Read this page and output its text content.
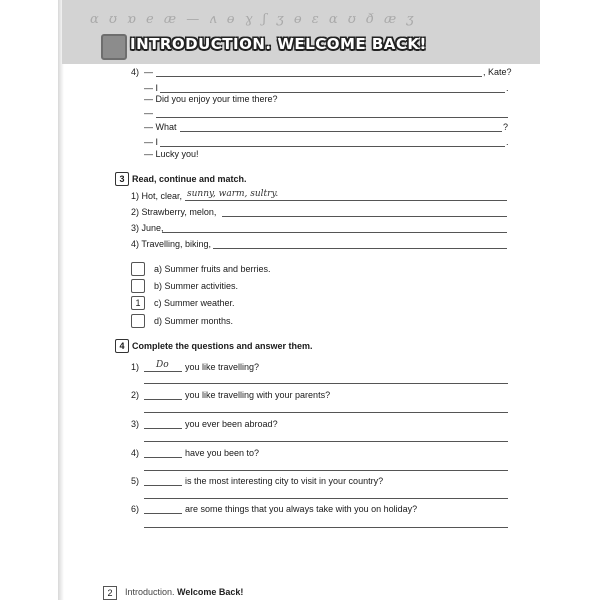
ɑ ʊ ɒ e æ — ʌ ɵ ɣ ʃ ʒ ɵ ɛ ɑ ʊ ð æ ʒ
INTRODUCTION. WELCOME BACK!
4) —	, Kate?
— I	.
— Did you enjoy your time there?
—
— What	?
— I	.
— Lucky you!
3 Read, continue and match.
1) Hot, clear, sunny, warm, sultry.
2) Strawberry, melon,
3) June,
4) Travelling, biking,
a) Summer fruits and berries.
b) Summer activities.
1	c) Summer weather.
d) Summer months.
4 Complete the questions and answer them.
1) Do you like travelling?
2)	you like travelling with your parents?
3)	you ever been abroad?
4)	have you been to?
5)	is the most interesting city to visit in your country?
6)	are some things that you always take with you on holiday?
2	Introduction. Welcome Back!
